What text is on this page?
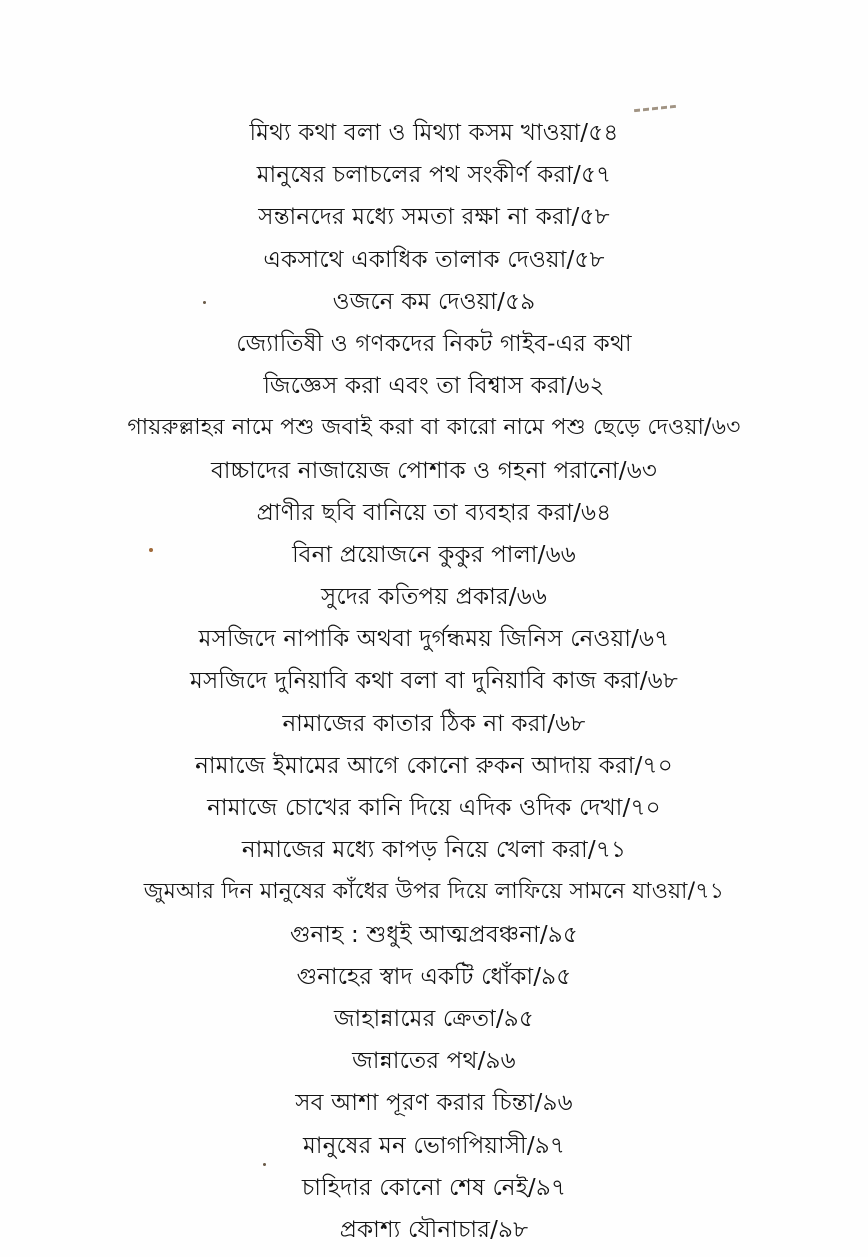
মিথ্য কথা বলা ও মিথ্যা কসম খাওয়া/৫৪
মানুষের চলাচলের পথ সংকীর্ণ করা/৫৭
সন্তানদের মধ্যে সমতা রক্ষা না করা/৫৮
একসাথে একাধিক তালাক দেওয়া/৫৮
ওজনে কম দেওয়া/৫৯
জ্যোতিষী ও গণকদের নিকট গাইব-এর কথা
জিজ্ঞেস করা এবং তা বিশ্বাস করা/৬২
গায়রুল্লাহর নামে পশু জবাই করা বা কারো নামে পশু ছেড়ে দেওয়া/৬৩
বাচ্চাদের নাজায়েজ পোশাক ও গহনা পরানো/৬৩
প্রাণীর ছবি বানিয়ে তা ব্যবহার করা/৬৪
বিনা প্রয়োজনে কুকুর পালা/৬৬
সুদের কতিপয় প্রকার/৬৬
মসজিদে নাপাকি অথবা দুর্গন্ধময় জিনিস নেওয়া/৬৭
মসজিদে দুনিয়াবি কথা বলা বা দুনিয়াবি কাজ করা/৬৮
নামাজের কাতার ঠিক না করা/৬৮
নামাজে ইমামের আগে কোনো রুকন আদায় করা/৭০
নামাজে চোখের কানি দিয়ে এদিক ওদিক দেখা/৭০
নামাজের মধ্যে কাপড় নিয়ে খেলা করা/৭১
জুমআর দিন মানুষের কাঁধের উপর দিয়ে লাফিয়ে সামনে যাওয়া/৭১
গুনাহ : শুধুই আত্মপ্রবঞ্চনা/৯৫
গুনাহের স্বাদ একটি ধোঁকা/৯৫
জাহান্নামের ক্রেতা/৯৫
জান্নাতের পথ/৯৬
সব আশা পূরণ করার চিন্তা/৯৬
মানুষের মন ভোগপিয়াসী/৯৭
চাহিদার কোনো শেষ নেই/৯৭
প্রকাশ্য যৌনাচার/৯৮
